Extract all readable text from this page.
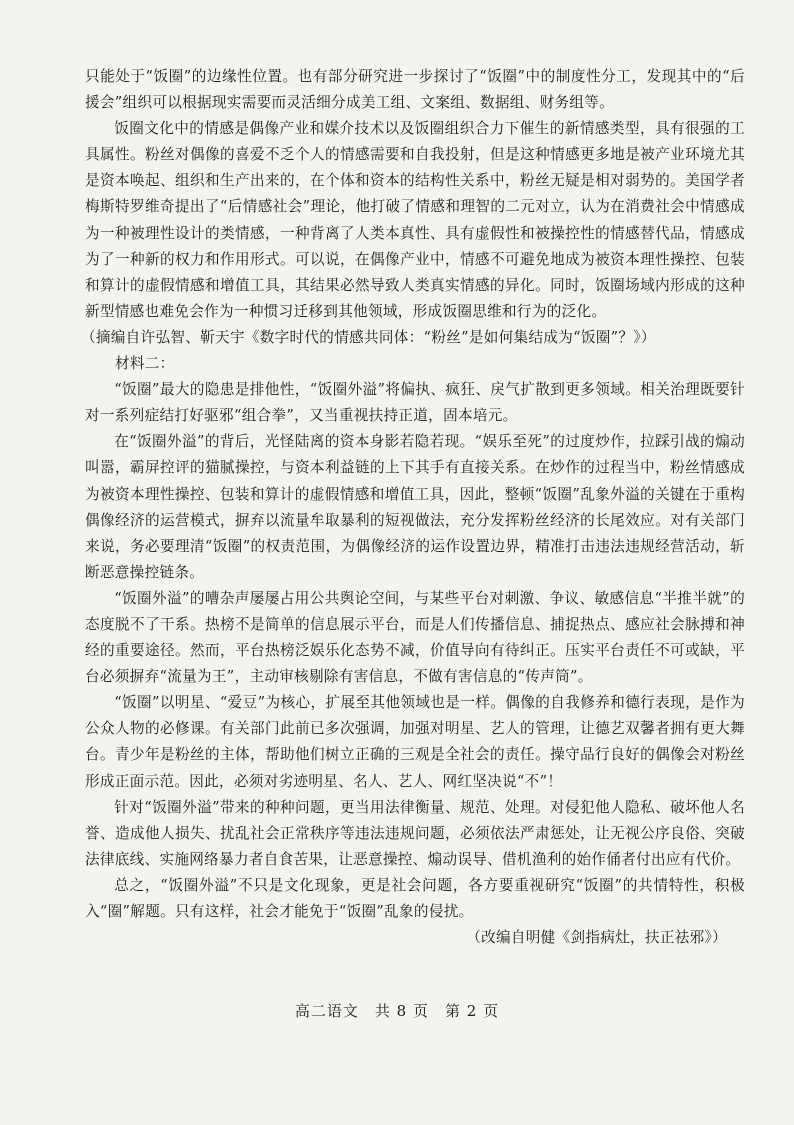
只能处于“饭圈”的边缘性位置。也有部分研究进一步探讨了“饭圈”中的制度性分工，发现其中的“后援会”组织可以根据现实需要而灵活细分成美工组、文案组、数据组、财务组等。

饭圈文化中的情感是偶像产业和媒介技术以及饭圈组织合力下催生的新情感类型，具有很强的工具属性。粉丝对偶像的喜爱不乏个人的情感需要和自我投射，但是这种情感更多地是被产业环境尤其是资本唤起、组织和生产出来的，在个体和资本的结构性关系中，粉丝无疑是相对弱势的。美国学者梅斯特罗维奇提出了“后情感社会”理论，他打破了情感和理智的二元对立，认为在消费社会中情感成为一种被理性设计的类情感，一种背离了人类本真性、具有虚假性和被操控性的情感替代品，情感成为了一种新的权力和作用形式。可以说，在偶像产业中，情感不可避免地成为被资本理性操控、包装和算计的虚假情感和增值工具，其结果必然导致人类真实情感的异化。同时，饭圈场域内形成的这种新型情感也难免会作为一种惯习迁移到其他领域，形成饭圈思维和行为的泛化。

（摘编自许弘智、靳天宇《数字时代的情感共同体：“粉丝”是如何集结成为“饭圈”？》）

材料二：

“饭圈”最大的隐患是排他性，“饭圈外溢”将偏执、疯狂、戾气扩散到更多领域。相关治理既要针对一系列症结打好驱邪“组合拳”，又当重视扶持正道，固本培元。

在“饭圈外溢”的背后，光怪陆离的资本身影若隐若现。“娱乐至死”的过度炒作，拉踩引战的煽动叫嚣，霸屏控评的猫腻操控，与资本利益链的上下其手有直接关系。在炒作的过程当中，粉丝情感成为被资本理性操控、包装和算计的虚假情感和增值工具，因此，整顿“饭圈”乱象外溢的关键在于重构偶像经济的运营模式，摒弃以流量牟取暴利的短视做法，充分发挥粉丝经济的长尾效应。对有关部门来说，务必要理清“饭圈”的权责范围，为偶像经济的运作设置边界，精准打击违法违规经营活动，斩断恶意操控链条。

“饭圈外溢”的嘈杂声屡屡占用公共舆论空间，与某些平台对刺激、争议、敏感信息“半推半就”的态度脱不了干系。热榜不是简单的信息展示平台，而是人们传播信息、捕捉热点、感应社会脉搏和神经的重要途径。然而，平台热榜泛娱乐化态势不减，价值导向有待纠正。压实平台责任不可或缺，平台必须摒弃“流量为王”，主动审核剔除有害信息，不做有害信息的“传声筒”。

“饭圈”以明星、“爱豆”为核心，扩展至其他领域也是一样。偶像的自我修养和德行表现，是作为公众人物的必修课。有关部门此前已多次强调，加强对明星、艺人的管理，让德艺双馨者拥有更大舞台。青少年是粉丝的主体，帮助他们树立正确的三观是全社会的责任。操守品行良好的偶像会对粉丝形成正面示范。因此，必须对劣迹明星、名人、艺人、网红坚决说“不”！

针对“饭圈外溢”带来的种种问题，更当用法律衡量、规范、处理。对侵犯他人隐私、破坏他人名誉、造成他人损失、扰乱社会正常秩序等违法违规问题，必须依法严肃惩处，让无视公序良俗、突破法律底线、实施网络暴力者自食苦果，让恶意操控、煽动误导、借机渔利的始作俑者付出应有代价。

总之，“饭圈外溢”不只是文化现象，更是社会问题，各方要重视研究“饭圈”的共情特性，积极入“圈”解题。只有这样，社会才能免于“饭圈”乱象的侵扰。

（改编自明健《剑指病灶，扶正祛邪》）

高二语文　共 8 页　第 2 页
